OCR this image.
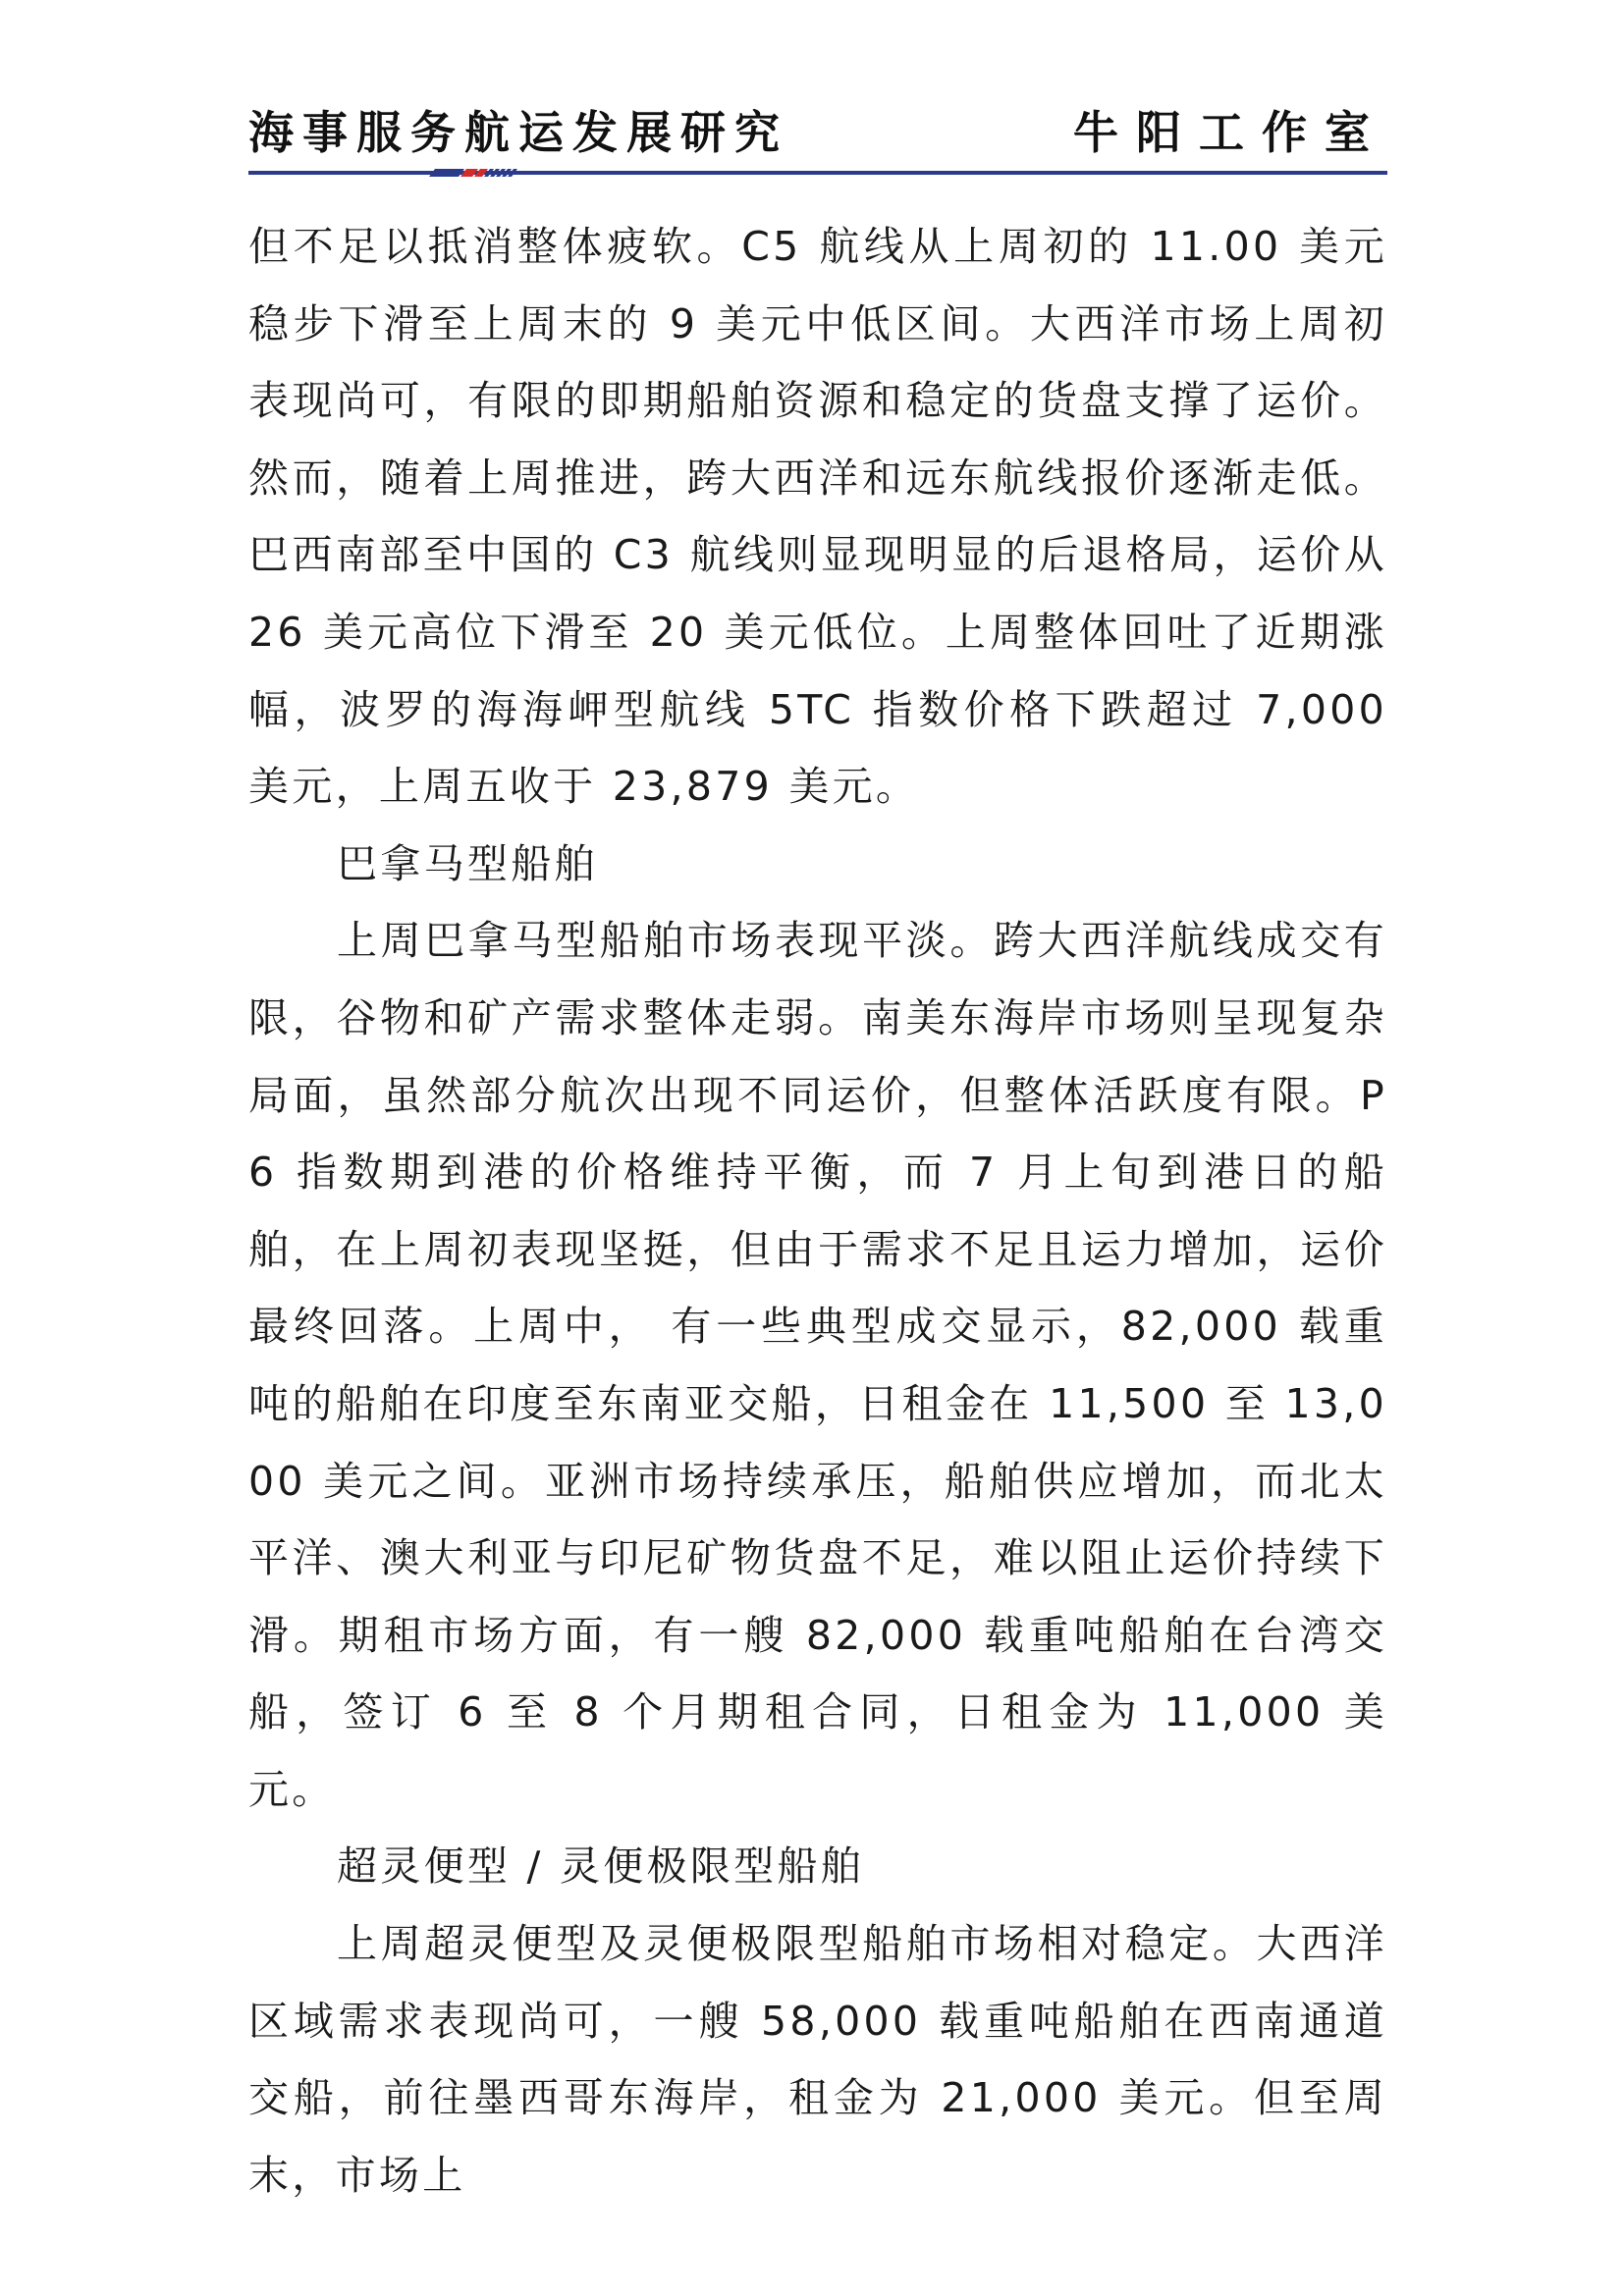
海事服务航运发展研究	牛阳工作室

但不足以抵消整体疲软。C5 航线从上周初的 11.00 美元稳步下滑至上周末的 9 美元中低区间。大西洋市场上周初表现尚可，有限的即期船舶资源和稳定的货盘支撑了运价。然而，随着上周推进，跨大西洋和远东航线报价逐渐走低。巴西南部至中国的 C3 航线则显现明显的后退格局，运价从 26 美元高位下滑至 20 美元低位。上周整体回吐了近期涨幅，波罗的海海岬型航线 5TC 指数价格下跌超过 7,000 美元，上周五收于 23,879 美元。

巴拿马型船舶

上周巴拿马型船舶市场表现平淡。跨大西洋航线成交有限，谷物和矿产需求整体走弱。南美东海岸市场则呈现复杂局面，虽然部分航次出现不同运价，但整体活跃度有限。P6 指数期到港的价格维持平衡，而 7 月上旬到港日的船舶，在上周初表现坚挺，但由于需求不足且运力增加，运价最终回落。上周中， 有一些典型成交显示，82,000 载重吨的船舶在印度至东南亚交船，日租金在 11,500 至 13,000 美元之间。亚洲市场持续承压，船舶供应增加，而北太平洋、澳大利亚与印尼矿物货盘不足，难以阻止运价持续下滑。期租市场方面，有一艘 82,000 载重吨船舶在台湾交船，签订 6 至 8 个月期租合同，日租金为 11,000 美元。

超灵便型 / 灵便极限型船舶

上周超灵便型及灵便极限型船舶市场相对稳定。大西洋区域需求表现尚可，一艘 58,000 载重吨船舶在西南通道交船，前往墨西哥东海岸，租金为 21,000 美元。但至周末，市场上
